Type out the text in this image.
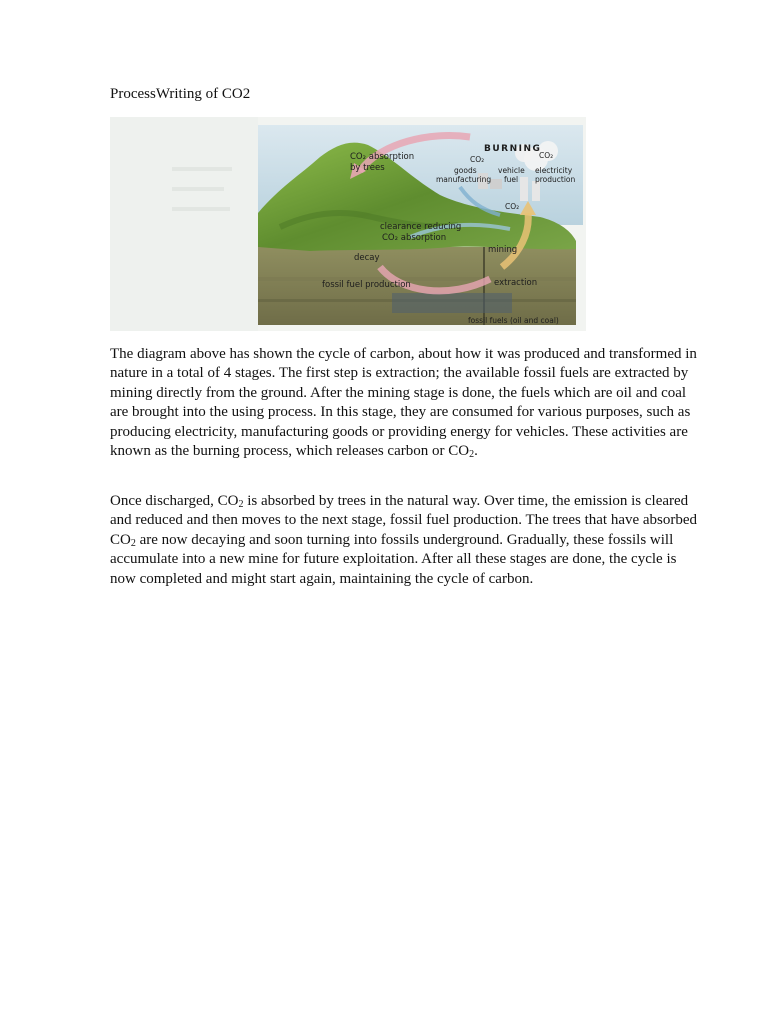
ProcessWriting of CO2
BURNING
CO₂ absorption
by trees
CO₂
goods
manufacturing
vehicle
fuel
CO₂
electricity
production
CO₂
clearance reducing
CO₂ absorption
mining
decay
fossil fuel production	extraction
fossil fuels (oil and coal)

The diagram above has shown the cycle of carbon, about how it was produced and transformed in nature in a total of 4 stages. The first step is extraction; the available fossil fuels are extracted by mining directly from the ground. After the mining stage is done, the fuels which are oil and coal are brought into the using process. In this stage, they are consumed for various purposes, such as producing electricity, manufacturing goods or providing energy for vehicles. These activities are known as the burning process, which releases carbon or $CO_2$.

Once discharged, $CO_2$ is absorbed by trees in the natural way. Over time, the emission is cleared and reduced and then moves to the next stage, fossil fuel production. The trees that have absorbed $CO_2$ are now decaying and soon turning into fossils underground. Gradually, these fossils will accumulate into a new mine for future exploitation. After all these stages are done, the cycle is now completed and might start again, maintaining the cycle of carbon.
